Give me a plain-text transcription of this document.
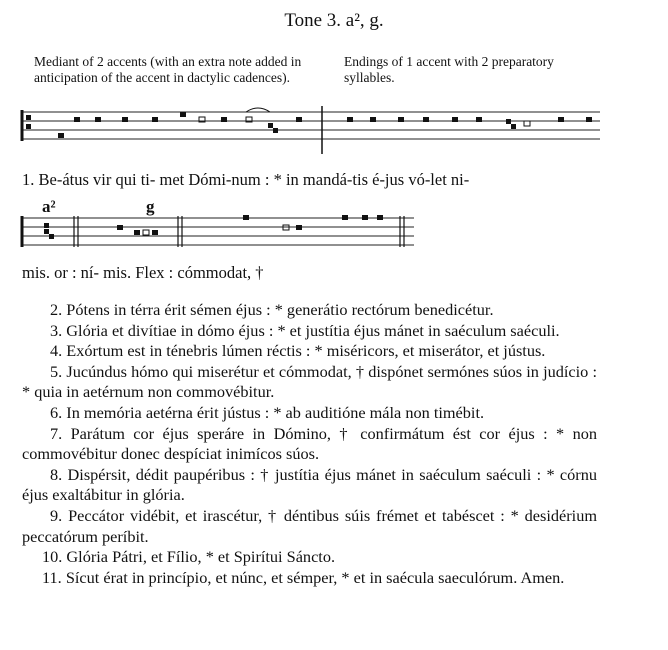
Tone 3. a², g.
Mediant of 2 accents (with an extra note added in anticipation of the accent in dactylic cadences).
Endings of 1 accent with 2 preparatory syllables.
1. Be-átus vir qui ti- met Dómi-num : * in mandá-tis é-jus vó-let ni-
a²	g
mis. or : ní- mis. Flex : cómmodat, †
2. Pótens in térra érit sémen éjus : * generátio rectórum benedicétur.
3. Glória et divítiae in dómo éjus : * et justítia éjus mánet in saéculum saéculi.
4. Exórtum est in ténebris lúmen réctis : * miséricors, et miserátor, et jústus.
5. Jucúndus hómo qui miserétur et cómmodat, † dispónet sermónes súos in judício : * quia in aetérnum non commovébitur.
6. In memória aetérna érit jústus : * ab auditióne mála non timébit.
7. Parátum cor éjus speráre in Dómino, † confirmátum ést cor éjus : * non commovébitur donec despíciat inimícos súos.
8. Dispérsit, dédit paupéribus : † justítia éjus mánet in saéculum saéculi : * córnu éjus exaltábitur in glória.
9. Peccátor vidébit, et irascétur, † déntibus súis frémet et tabéscet : * desidérium peccatórum períbit.
10. Glória Pátri, et Fílio, * et Spirítui Sáncto.
11. Sícut érat in princípio, et núnc, et sémper, * et in saécula saeculórum. Amen.
